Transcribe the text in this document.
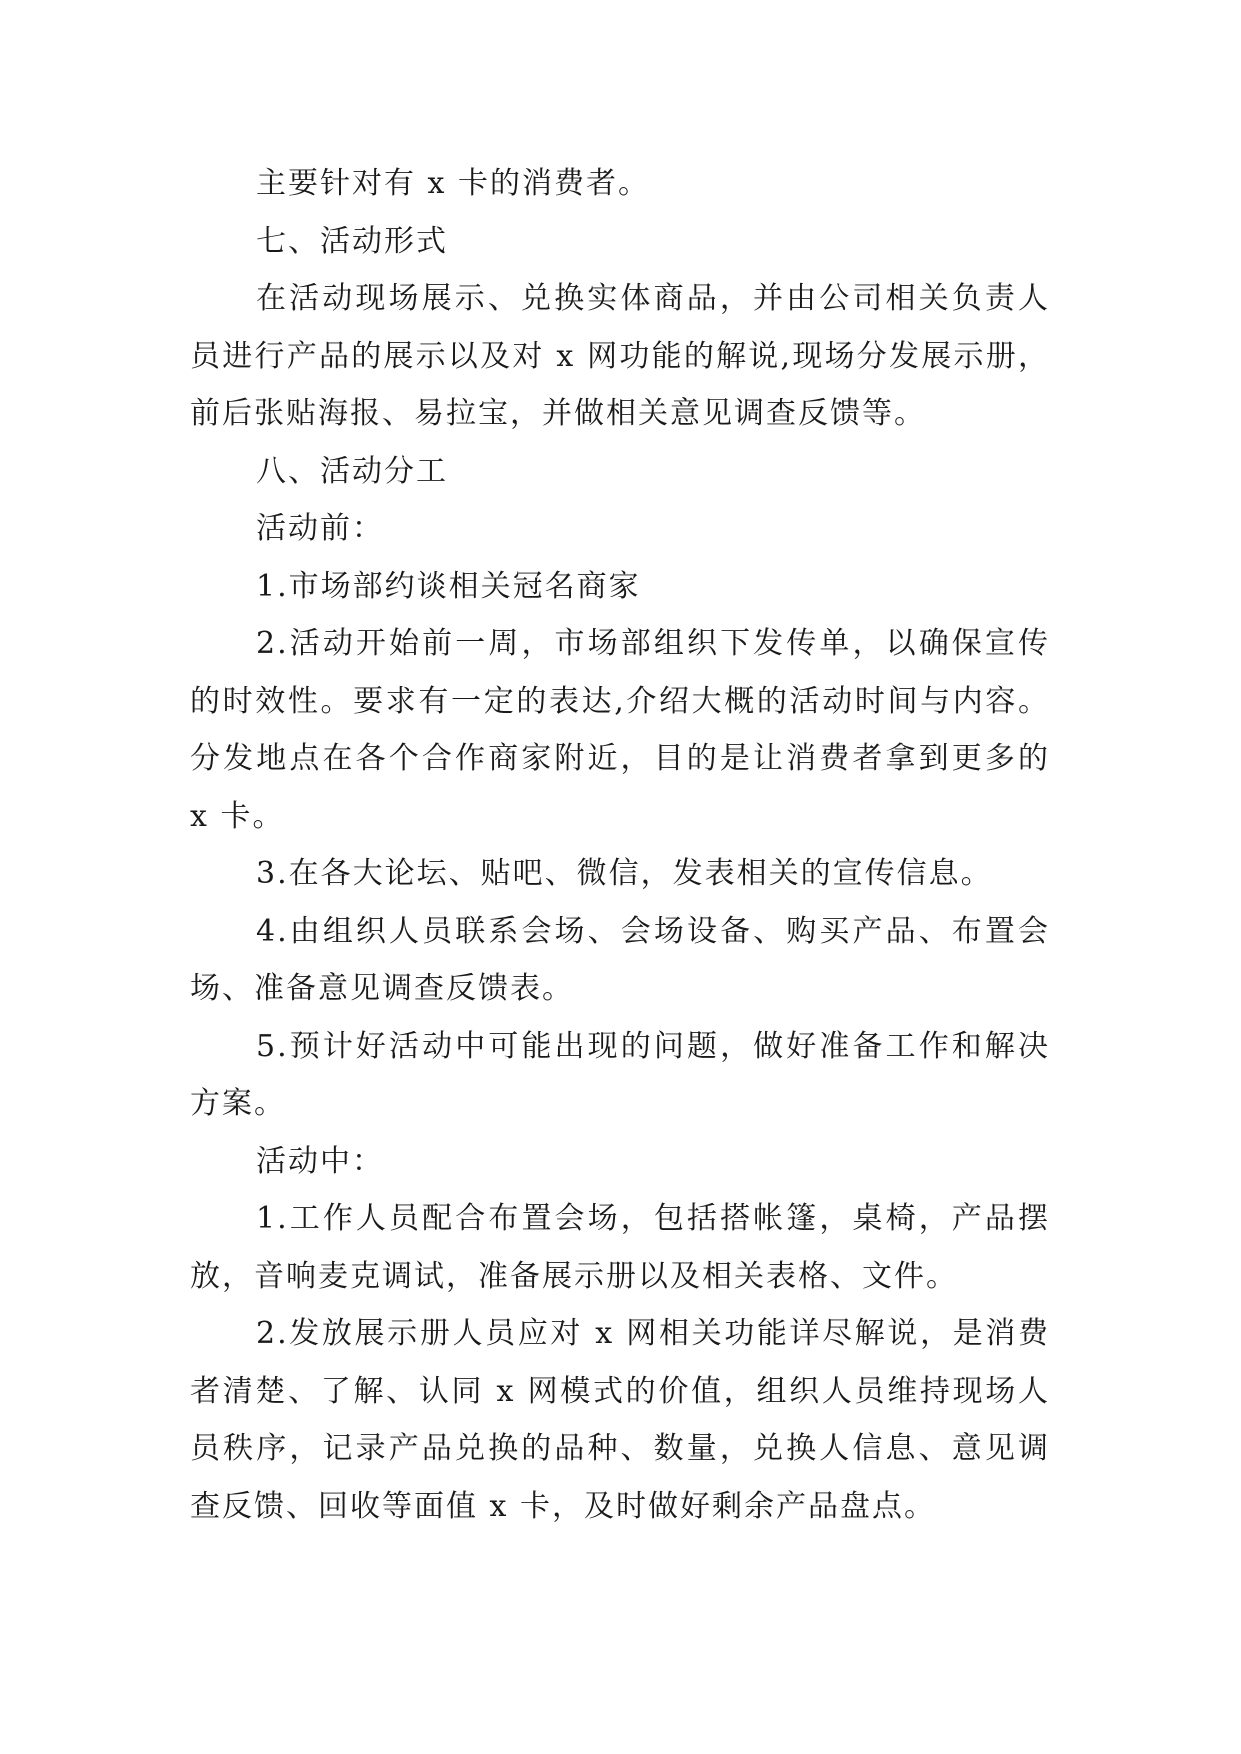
主要针对有 x 卡的消费者。

七、活动形式

在活动现场展示、兑换实体商品，并由公司相关负责人员进行产品的展示以及对 x 网功能的解说,现场分发展示册，前后张贴海报、易拉宝，并做相关意见调查反馈等。

八、活动分工

活动前：

1.市场部约谈相关冠名商家

2.活动开始前一周，市场部组织下发传单，以确保宣传的时效性。要求有一定的表达,介绍大概的活动时间与内容。分发地点在各个合作商家附近，目的是让消费者拿到更多的 x 卡。

3.在各大论坛、贴吧、微信，发表相关的宣传信息。

4.由组织人员联系会场、会场设备、购买产品、布置会场、准备意见调查反馈表。

5.预计好活动中可能出现的问题，做好准备工作和解决方案。

活动中：

1.工作人员配合布置会场，包括搭帐篷，桌椅，产品摆放，音响麦克调试，准备展示册以及相关表格、文件。

2.发放展示册人员应对 x 网相关功能详尽解说，是消费者清楚、了解、认同 x 网模式的价值，组织人员维持现场人员秩序，记录产品兑换的品种、数量，兑换人信息、意见调查反馈、回收等面值 x 卡，及时做好剩余产品盘点。
